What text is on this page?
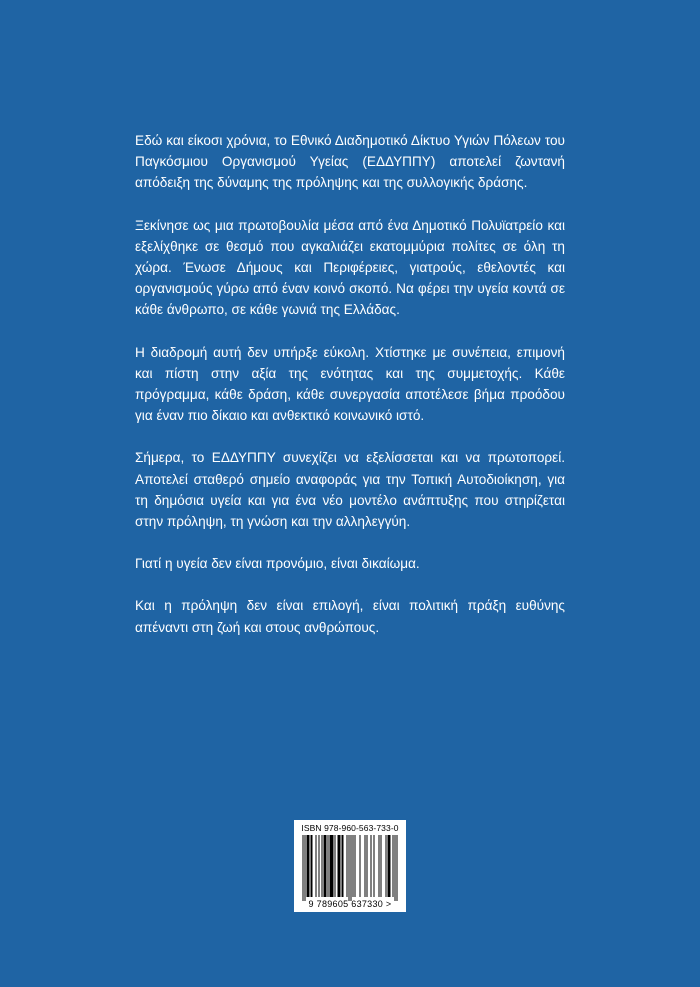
Εδώ και είκοσι χρόνια, το Εθνικό Διαδημοτικό Δίκτυο Υγιών Πόλεων του Παγκόσμιου Οργανισμού Υγείας (ΕΔΔΥΠΠΥ) αποτελεί ζωντανή απόδειξη της δύναμης της πρόληψης και της συλλογικής δράσης.

Ξεκίνησε ως μια πρωτοβουλία μέσα από ένα Δημοτικό Πολυϊατρείο και εξελίχθηκε σε θεσμό που αγκαλιάζει εκατομμύρια πολίτες σε όλη τη χώρα. Ένωσε Δήμους και Περιφέρειες, γιατρούς, εθελοντές και οργανισμούς γύρω από έναν κοινό σκοπό. Να φέρει την υγεία κοντά σε κάθε άνθρωπο, σε κάθε γωνιά της Ελλάδας.

Η διαδρομή αυτή δεν υπήρξε εύκολη. Χτίστηκε με συνέπεια, επιμονή και πίστη στην αξία της ενότητας και της συμμετοχής. Κάθε πρόγραμμα, κάθε δράση, κάθε συνεργασία αποτέλεσε βήμα προόδου για έναν πιο δίκαιο και ανθεκτικό κοινωνικό ιστό.

Σήμερα, το ΕΔΔΥΠΠΥ συνεχίζει να εξελίσσεται και να πρωτοπορεί. Αποτελεί σταθερό σημείο αναφοράς για την Τοπική Αυτοδιοίκηση, για τη δημόσια υγεία και για ένα νέο μοντέλο ανάπτυξης που στηρίζεται στην πρόληψη, τη γνώση και την αλληλεγγύη.

Γιατί η υγεία δεν είναι προνόμιο, είναι δικαίωμα.

Και η πρόληψη δεν είναι επιλογή, είναι πολιτική πράξη ευθύνης απέναντι στη ζωή και στους ανθρώπους.

ISBN 978-960-563-733-0
9 789605 637330 >
